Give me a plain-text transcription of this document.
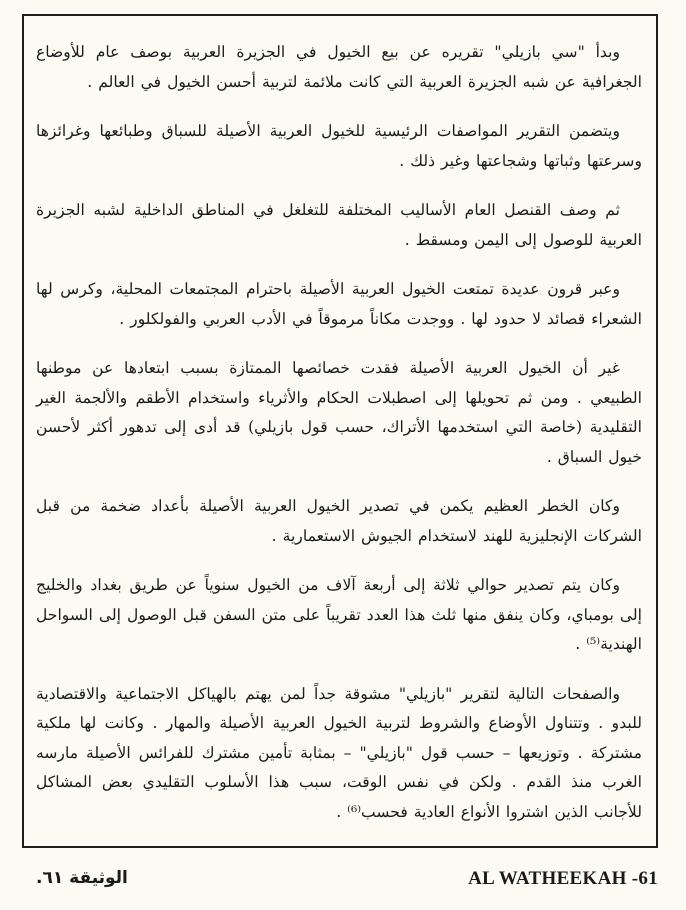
وبدأ "سي بازيلي" تقريره عن بيع الخيول في الجزيرة العربية بوصف عام للأوضاع الجغرافية عن شبه الجزيرة العربية التي كانت ملائمة لتربية أحسن الخيول في العالم .

ويتضمن التقرير المواصفات الرئيسية للخيول العربية الأصيلة للسباق وطبائعها وغرائزها وسرعتها وثباتها وشجاعتها وغير ذلك .

ثم وصف القنصل العام الأساليب المختلفة للتغلغل في المناطق الداخلية لشبه الجزيرة العربية للوصول إلى اليمن ومسقط .

وعبر قرون عديدة تمتعت الخيول العربية الأصيلة باحترام المجتمعات المحلية، وكرس لها الشعراء قصائد لا حدود لها . ووجدت مكاناً مرموقاً في الأدب العربي والفولكلور .

غير أن الخيول العربية الأصيلة فقدت خصائصها الممتازة بسبب ابتعادها عن موطنها الطبيعي . ومن ثم تحويلها إلى اصطبلات الحكام والأثرياء واستخدام الأطقم والألجمة الغير التقليدية (خاصة التي استخدمها الأتراك، حسب قول بازيلي) قد أدى إلى تدهور أكثر لأحسن خيول السباق .

وكان الخطر العظيم يكمن في تصدير الخيول العربية الأصيلة بأعداد ضخمة من قبل الشركات الإنجليزية للهند لاستخدام الجيوش الاستعمارية .

وكان يتم تصدير حوالي ثلاثة إلى أربعة آلاف من الخيول سنوياً عن طريق بغداد والخليج إلى بومباي، وكان ينفق منها ثلث هذا العدد تقريباً على متن السفن قبل الوصول إلى السواحل الهندية⁽⁵⁾ .

والصفحات التالية لتقرير "بازيلي" مشوقة جداً لمن يهتم بالهياكل الاجتماعية والاقتصادية للبدو . وتتناول الأوضاع والشروط لتربية الخيول العربية الأصيلة والمهار . وكانت لها ملكية مشتركة . وتوزيعها – حسب قول "بازيلي" – بمثابة تأمين مشترك للفرائس الأصيلة مارسه الغرب منذ القدم . ولكن في نفس الوقت، سبب هذا الأسلوب التقليدي بعض المشاكل للأجانب الذين اشتروا الأنواع العادية فحسب⁽⁶⁾ .

الوثيقة ٦١.	AL WATHEEKAH -61
